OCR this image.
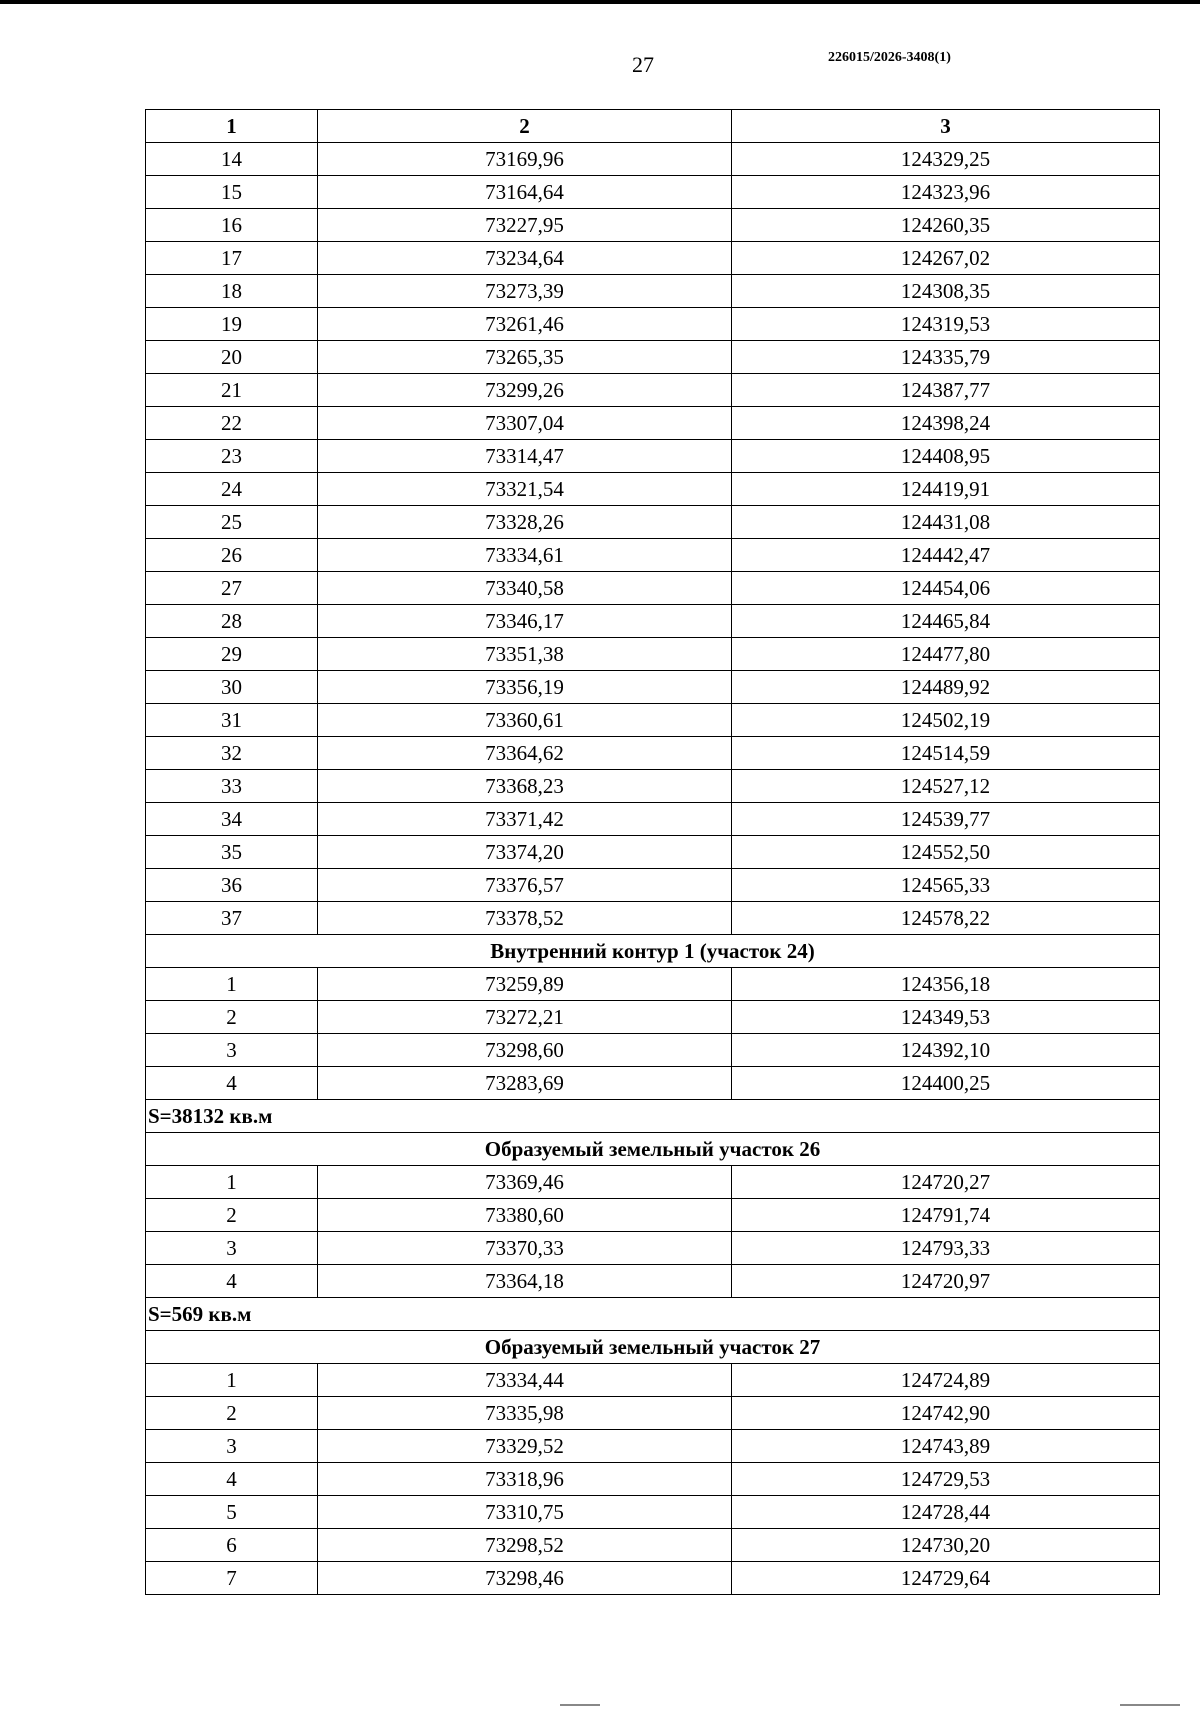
27	226015/2026-3408(1)
1	2	3
14	73169,96	124329,25
15	73164,64	124323,96
16	73227,95	124260,35
17	73234,64	124267,02
18	73273,39	124308,35
19	73261,46	124319,53
20	73265,35	124335,79
21	73299,26	124387,77
22	73307,04	124398,24
23	73314,47	124408,95
24	73321,54	124419,91
25	73328,26	124431,08
26	73334,61	124442,47
27	73340,58	124454,06
28	73346,17	124465,84
29	73351,38	124477,80
30	73356,19	124489,92
31	73360,61	124502,19
32	73364,62	124514,59
33	73368,23	124527,12
34	73371,42	124539,77
35	73374,20	124552,50
36	73376,57	124565,33
37	73378,52	124578,22
Внутренний контур 1 (участок 24)		
1	73259,89	124356,18
2	73272,21	124349,53
3	73298,60	124392,10
4	73283,69	124400,25
S=38132 кв.м		
Образуемый земельный участок 26		
1	73369,46	124720,27
2	73380,60	124791,74
3	73370,33	124793,33
4	73364,18	124720,97
S=569 кв.м		
Образуемый земельный участок 27		
1	73334,44	124724,89
2	73335,98	124742,90
3	73329,52	124743,89
4	73318,96	124729,53
5	73310,75	124728,44
6	73298,52	124730,20
7	73298,46	124729,64
